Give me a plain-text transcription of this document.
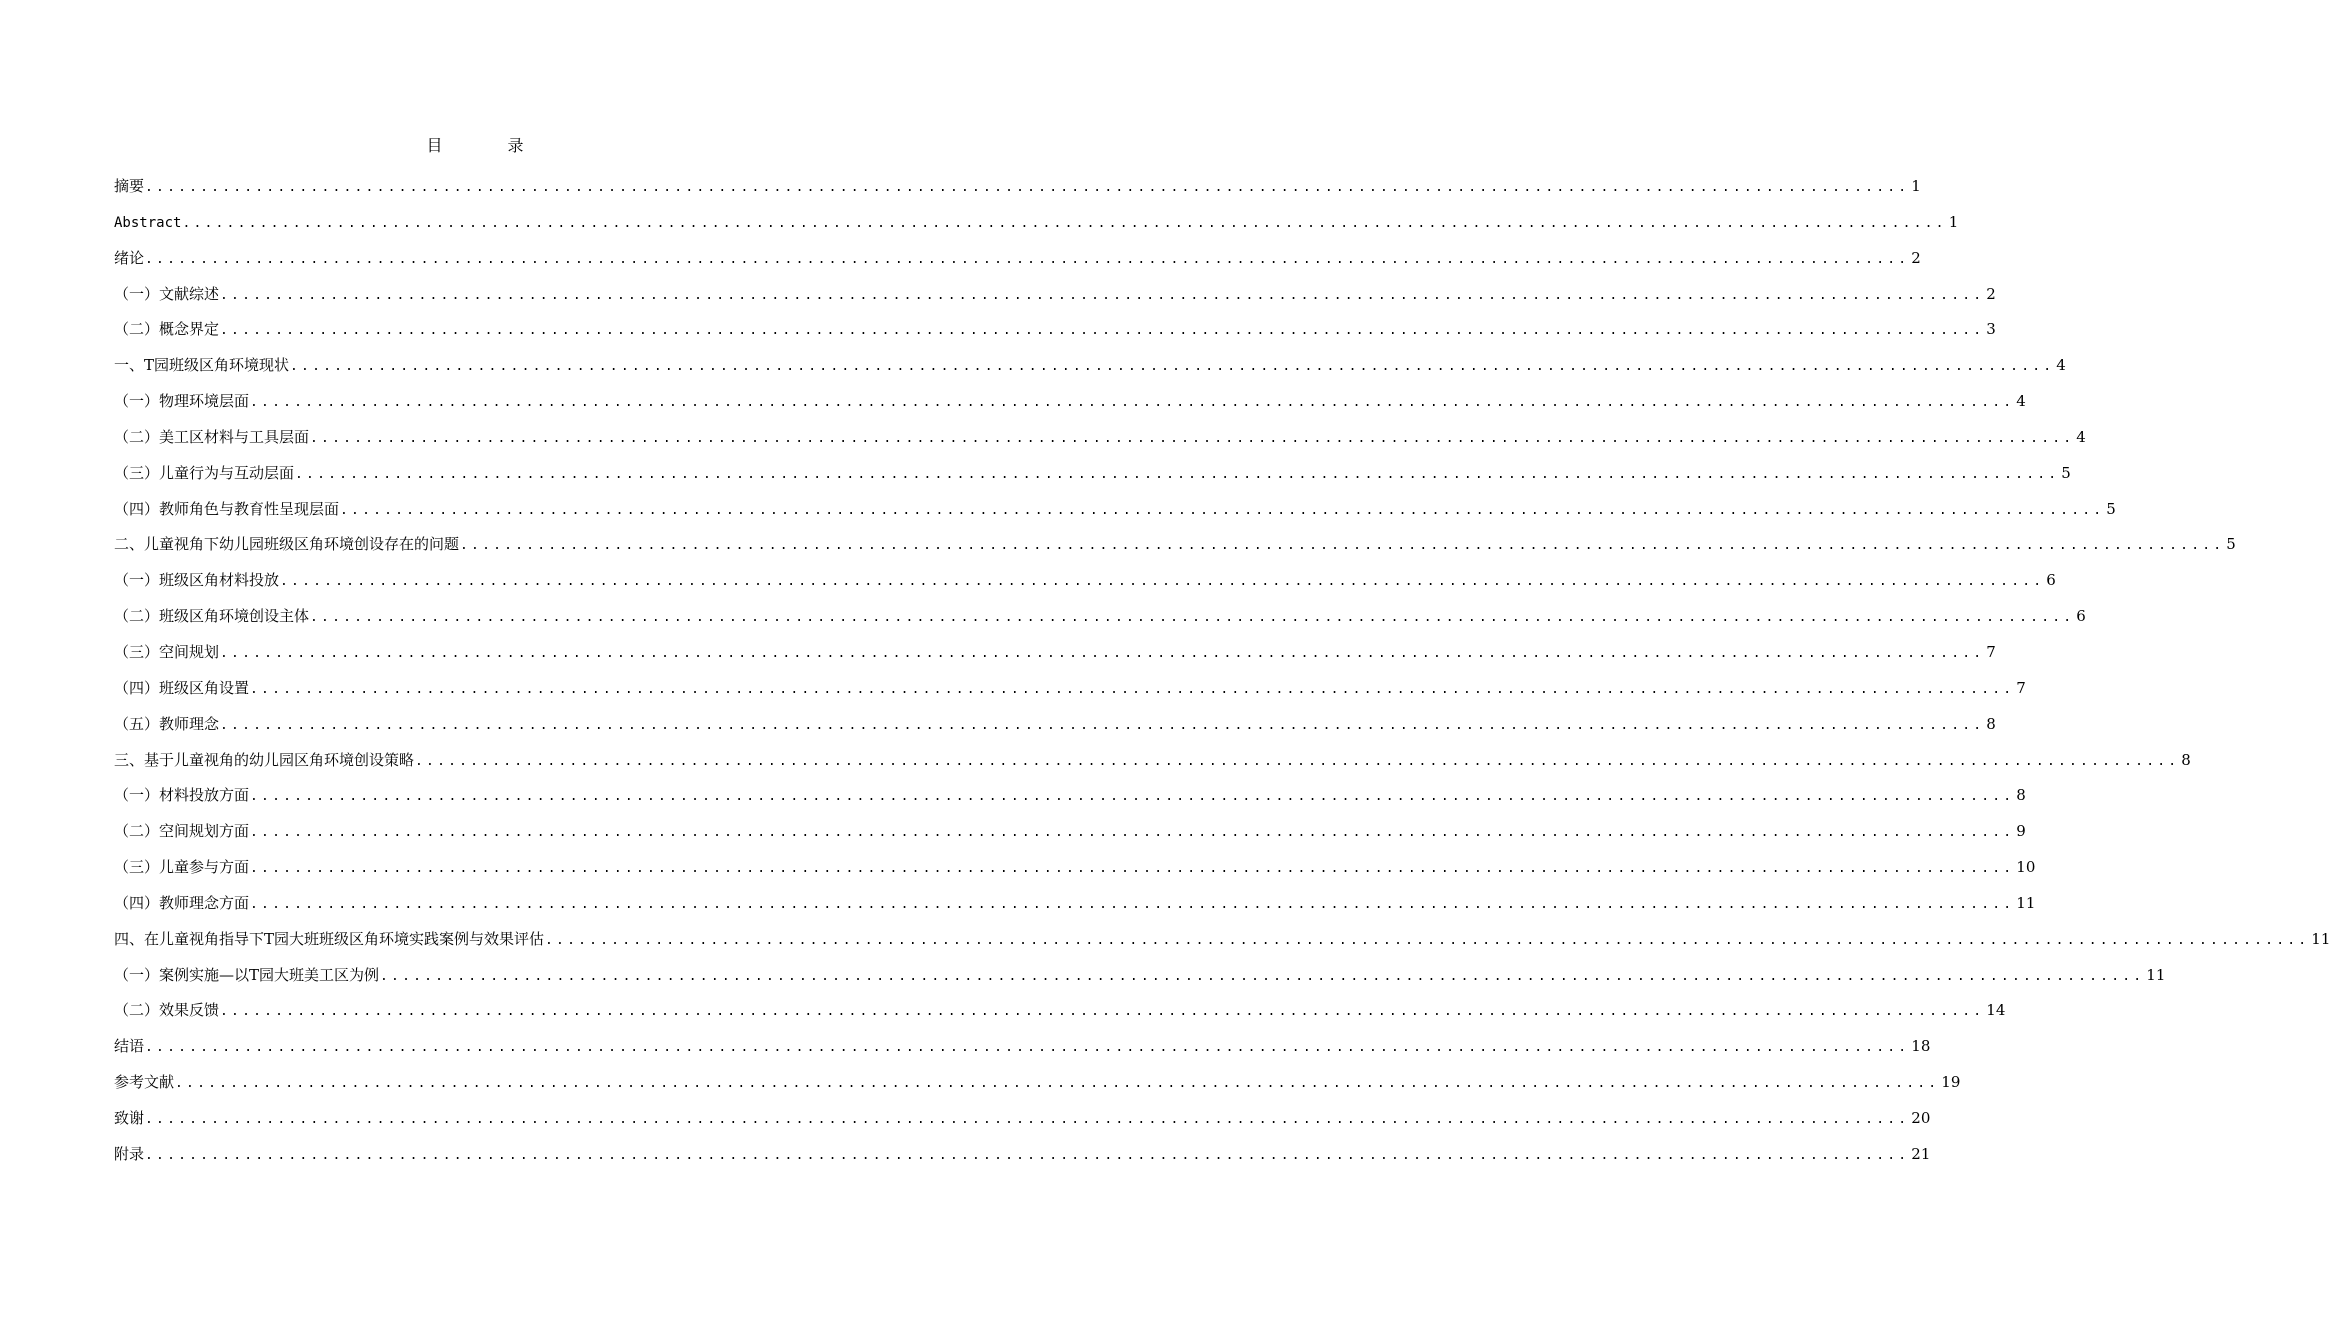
目 录
摘要 ................................................................................................................................................................ 1
Abstract ................................................................................................................................................................ 1
绪论 ................................................................................................................................................................ 2
（一）文献综述 ................................................................................................................................................................ 2
（二）概念界定 ................................................................................................................................................................ 3
一、T园班级区角环境现状 ................................................................................................................................................................ 4
（一）物理环境层面 ................................................................................................................................................................ 4
（二）美工区材料与工具层面 ................................................................................................................................................................ 4
（三）儿童行为与互动层面 ................................................................................................................................................................ 5
（四）教师角色与教育性呈现层面 ................................................................................................................................................................ 5
二、儿童视角下幼儿园班级区角环境创设存在的问题 ................................................................................................................................................................ 5
（一）班级区角材料投放 ................................................................................................................................................................ 6
（二）班级区角环境创设主体 ................................................................................................................................................................ 6
（三）空间规划 ................................................................................................................................................................ 7
（四）班级区角设置 ................................................................................................................................................................ 7
（五）教师理念 ................................................................................................................................................................ 8
三、基于儿童视角的幼儿园区角环境创设策略 ................................................................................................................................................................ 8
（一）材料投放方面 ................................................................................................................................................................ 8
（二）空间规划方面 ................................................................................................................................................................ 9
（三）儿童参与方面 ................................................................................................................................................................ 10
（四）教师理念方面 ................................................................................................................................................................ 11
四、在儿童视角指导下T园大班班级区角环境实践案例与效果评估 ................................................................................................................................................................ 11
（一）案例实施—以T园大班美工区为例 ................................................................................................................................................................ 11
（二）效果反馈 ................................................................................................................................................................ 14
结语 ................................................................................................................................................................ 18
参考文献 ................................................................................................................................................................ 19
致谢 ................................................................................................................................................................ 20
附录 ................................................................................................................................................................ 21
